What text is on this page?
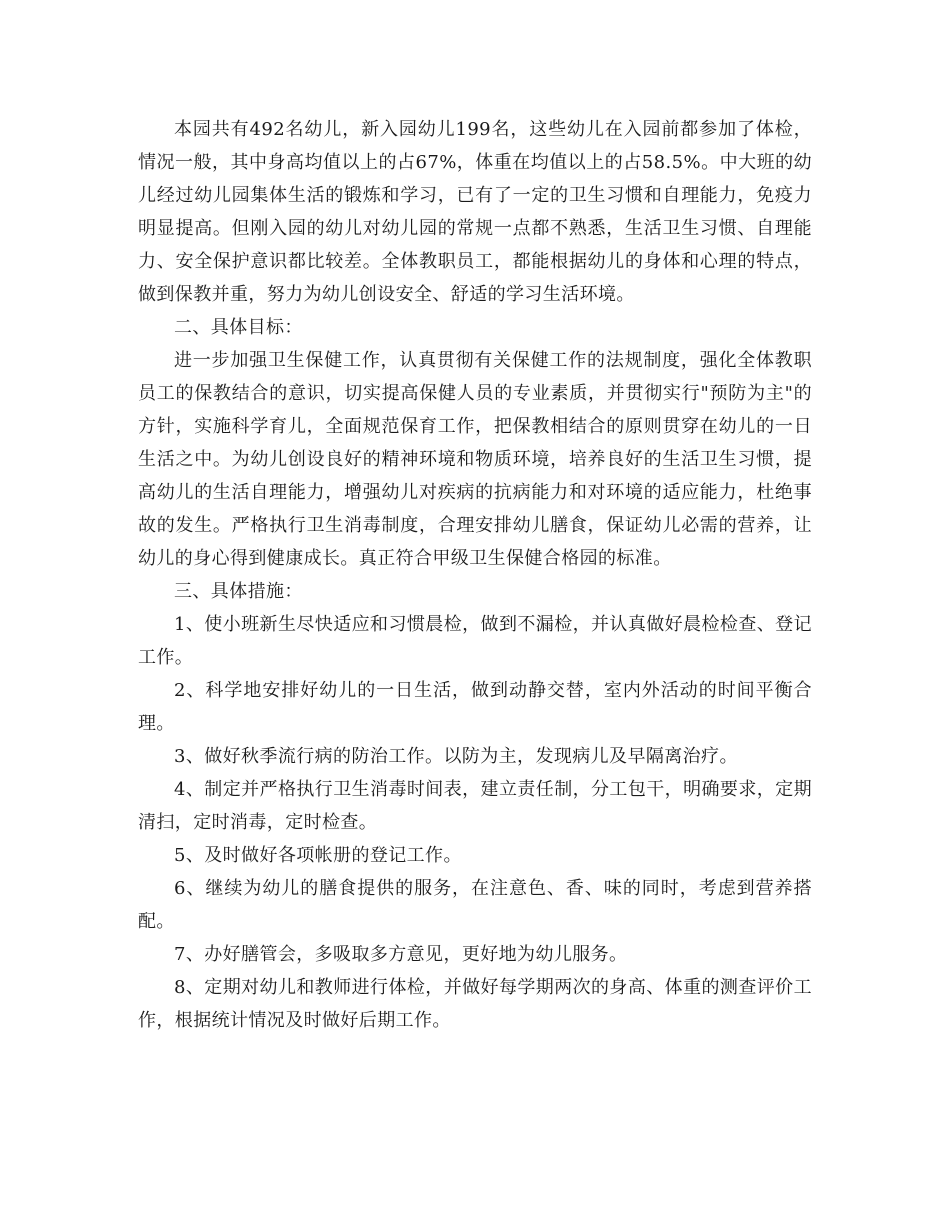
本园共有492名幼儿，新入园幼儿199名，这些幼儿在入园前都参加了体检，情况一般，其中身高均值以上的占67%，体重在均值以上的占58.5%。中大班的幼儿经过幼儿园集体生活的锻炼和学习，已有了一定的卫生习惯和自理能力，免疫力明显提高。但刚入园的幼儿对幼儿园的常规一点都不熟悉，生活卫生习惯、自理能力、安全保护意识都比较差。全体教职员工，都能根据幼儿的身体和心理的特点，做到保教并重，努力为幼儿创设安全、舒适的学习生活环境。

二、具体目标：

进一步加强卫生保健工作，认真贯彻有关保健工作的法规制度，强化全体教职员工的保教结合的意识，切实提高保健人员的专业素质，并贯彻实行"预防为主"的方针，实施科学育儿，全面规范保育工作，把保教相结合的原则贯穿在幼儿的一日生活之中。为幼儿创设良好的精神环境和物质环境，培养良好的生活卫生习惯，提高幼儿的生活自理能力，增强幼儿对疾病的抗病能力和对环境的适应能力，杜绝事故的发生。严格执行卫生消毒制度，合理安排幼儿膳食，保证幼儿必需的营养，让幼儿的身心得到健康成长。真正符合甲级卫生保健合格园的标准。

三、具体措施：

1、使小班新生尽快适应和习惯晨检，做到不漏检，并认真做好晨检检查、登记工作。

2、科学地安排好幼儿的一日生活，做到动静交替，室内外活动的时间平衡合理。

3、做好秋季流行病的防治工作。以防为主，发现病儿及早隔离治疗。

4、制定并严格执行卫生消毒时间表，建立责任制，分工包干，明确要求，定期清扫，定时消毒，定时检查。

5、及时做好各项帐册的登记工作。

6、继续为幼儿的膳食提供的服务，在注意色、香、味的同时，考虑到营养搭配。

7、办好膳管会，多吸取多方意见，更好地为幼儿服务。

8、定期对幼儿和教师进行体检，并做好每学期两次的身高、体重的测查评价工作，根据统计情况及时做好后期工作。
